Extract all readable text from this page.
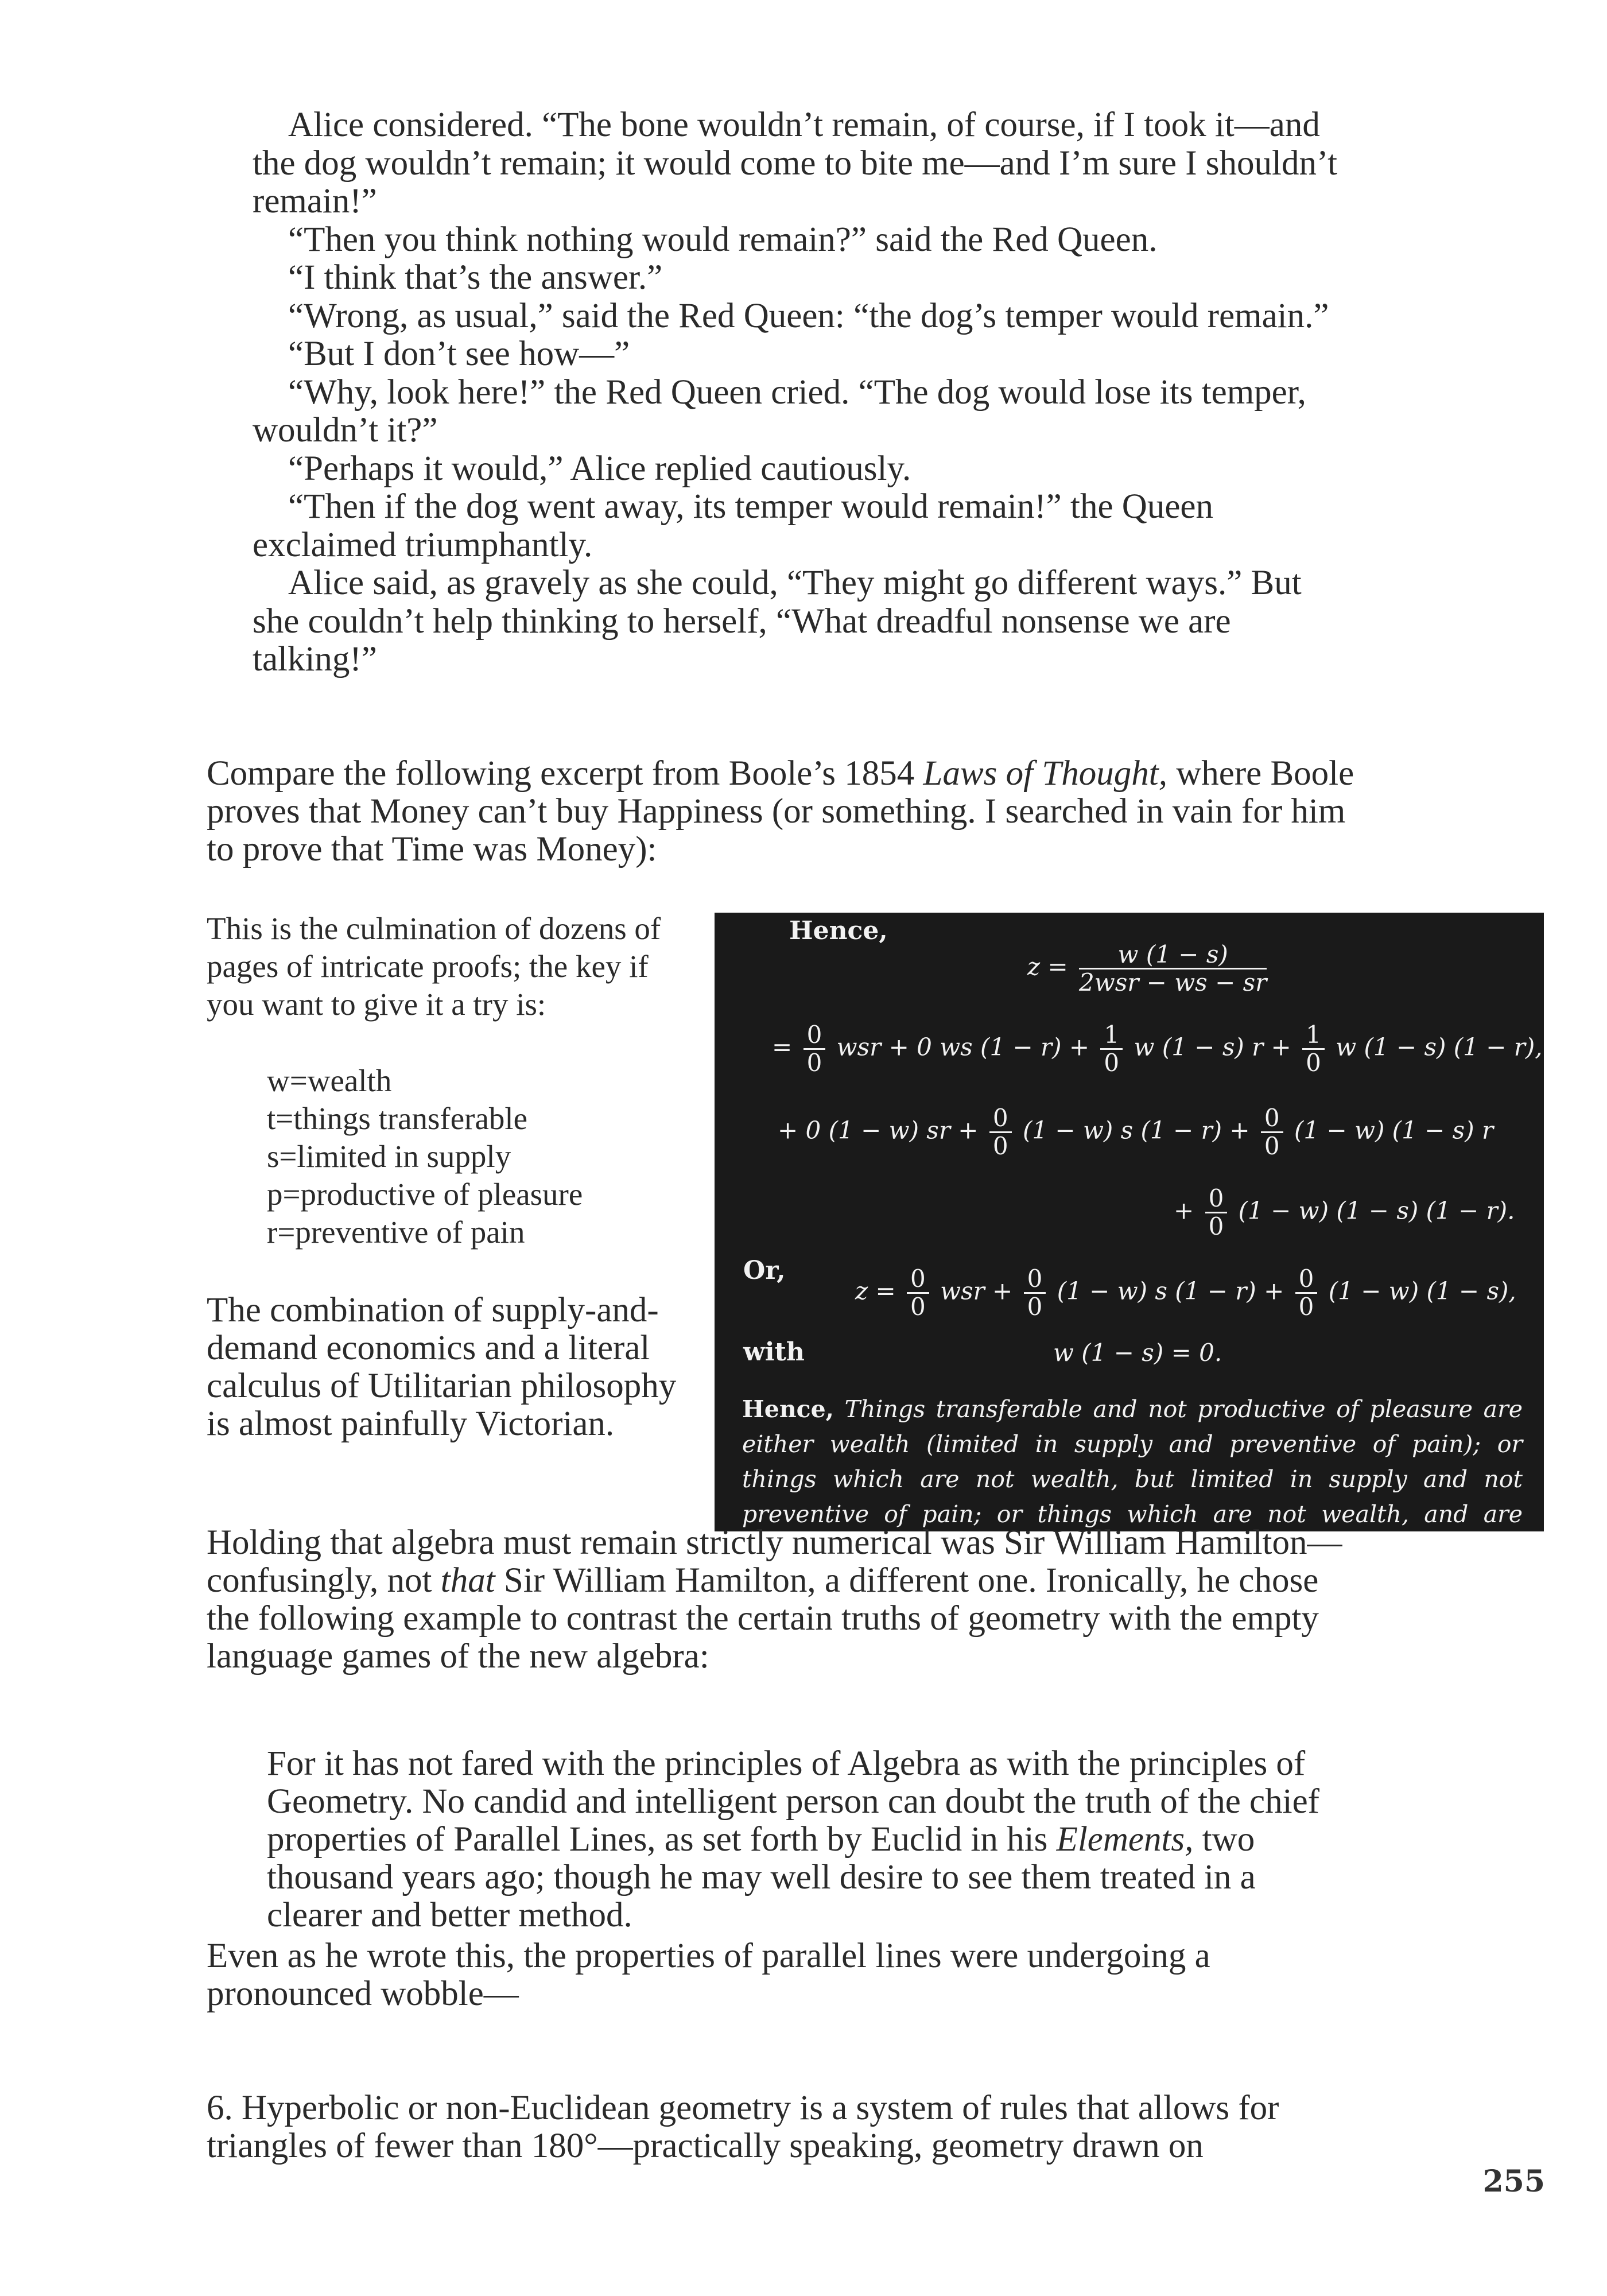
Alice considered. “The bone wouldn’t remain, of course, if I took it—and the dog wouldn’t remain; it would come to bite me—and I’m sure I shouldn’t remain!”

“Then you think nothing would remain?” said the Red Queen.

“I think that’s the answer.”

“Wrong, as usual,” said the Red Queen: “the dog’s temper would remain.”

“But I don’t see how—”

“Why, look here!” the Red Queen cried. “The dog would lose its temper, wouldn’t it?”

“Perhaps it would,” Alice replied cautiously.

“Then if the dog went away, its temper would remain!” the Queen exclaimed triumphantly.

Alice said, as gravely as she could, “They might go different ways.” But she couldn’t help thinking to herself, “What dreadful nonsense we are talking!”

Compare the following excerpt from Boole’s 1854 Laws of Thought, where Boole proves that Money can’t buy Happiness (or something. I searched in vain for him to prove that Time was Money):

This is the culmination of dozens of pages of intricate proofs; the key if you want to give it a try is:

w=wealth
t=things transferable
s=limited in supply
p=productive of pleasure
r=preventive of pain
The combination of supply-and-demand economics and a literal calculus of Utilitarian philosophy is almost painfully Victorian.
Hence,
$z = \frac{w (1 - s)}{\text{2wsr − ws − sr}}$
= $\frac{0}{0}$ wsr + 0 ws $(1 - r) + \frac{1}{0}$ w (1 − s) $r + \frac{1}{0}$ w (1 − s) (1 − r),
+ 0 (1 − w) sr + $\frac{0}{0} (1 - w)$ s $(1 - r) + \frac{0}{0} (1 - w) (1 - s)$ r
+ $\frac{0}{0} (1 - w) (1 - s) (1 - r)$.
Or,
$z = \frac{0}{0}$ wsr + $\frac{0}{0} (1 - w)$ s $(1 - r) + \frac{0}{0} (1 - w) (1 - s)$,
with	w (1 − s) = 0.
Hence, Things transferable and not productive of pleasure are either wealth (limited in supply and preventive of pain); or things which are not wealth, but limited in supply and not preventive of pain; or things which are not wealth, and are

Holding that algebra must remain strictly numerical was Sir William Hamilton—confusingly, not that Sir William Hamilton, a different one. Ironically, he chose the following example to contrast the certain truths of geometry with the empty language games of the new algebra:

For it has not fared with the principles of Algebra as with the principles of Geometry. No candid and intelligent person can doubt the truth of the chief properties of Parallel Lines, as set forth by Euclid in his Elements, two thousand years ago; though he may well desire to see them treated in a clearer and better method.

Even as he wrote this, the properties of parallel lines were undergoing a pronounced wobble—

6. Hyperbolic or non-Euclidean geometry is a system of rules that allows for triangles of fewer than 180°—practically speaking, geometry drawn on

255
